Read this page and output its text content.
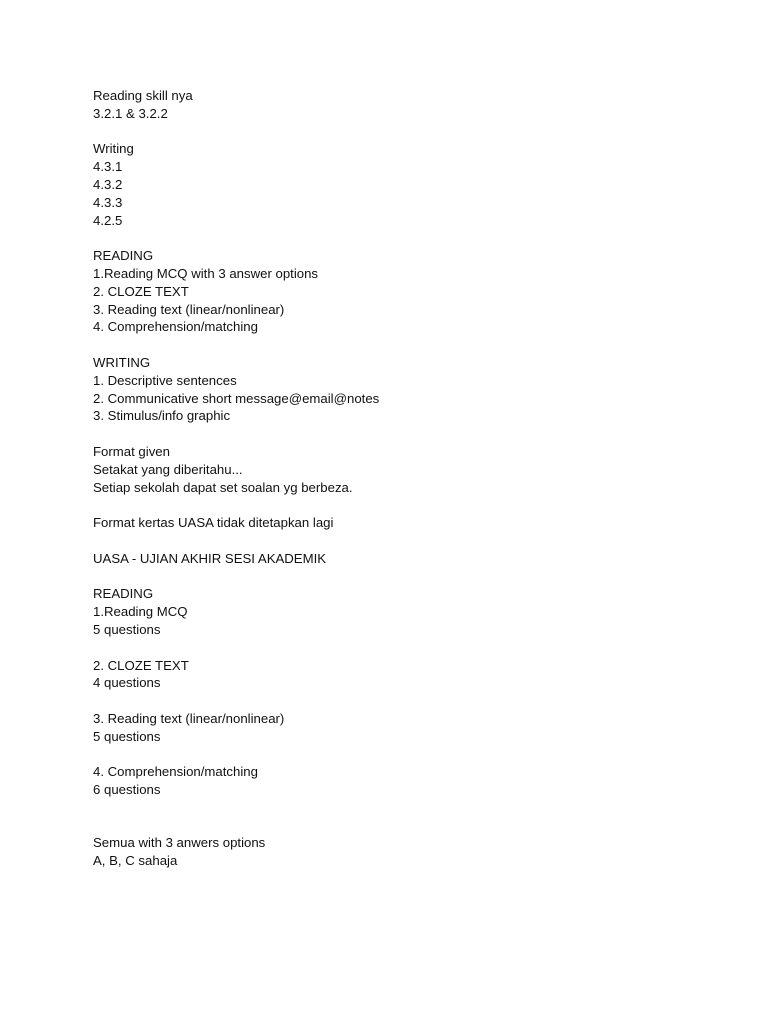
Reading skill nya
3.2.1 & 3.2.2
Writing
4.3.1
4.3.2
4.3.3
4.2.5
READING
1.Reading MCQ with 3 answer options
2. CLOZE TEXT
3. Reading text (linear/nonlinear)
4. Comprehension/matching
WRITING
1. Descriptive sentences
2. Communicative short message@email@notes
3. Stimulus/info graphic
Format given
Setakat yang diberitahu...
Setiap sekolah dapat set soalan yg berbeza.
Format kertas UASA tidak ditetapkan lagi
UASA - UJIAN AKHIR SESI AKADEMIK
READING
1.Reading MCQ
5 questions
2. CLOZE TEXT
4 questions
3. Reading text (linear/nonlinear)
5 questions
4. Comprehension/matching
6 questions
Semua with 3 anwers options
A, B, C sahaja
